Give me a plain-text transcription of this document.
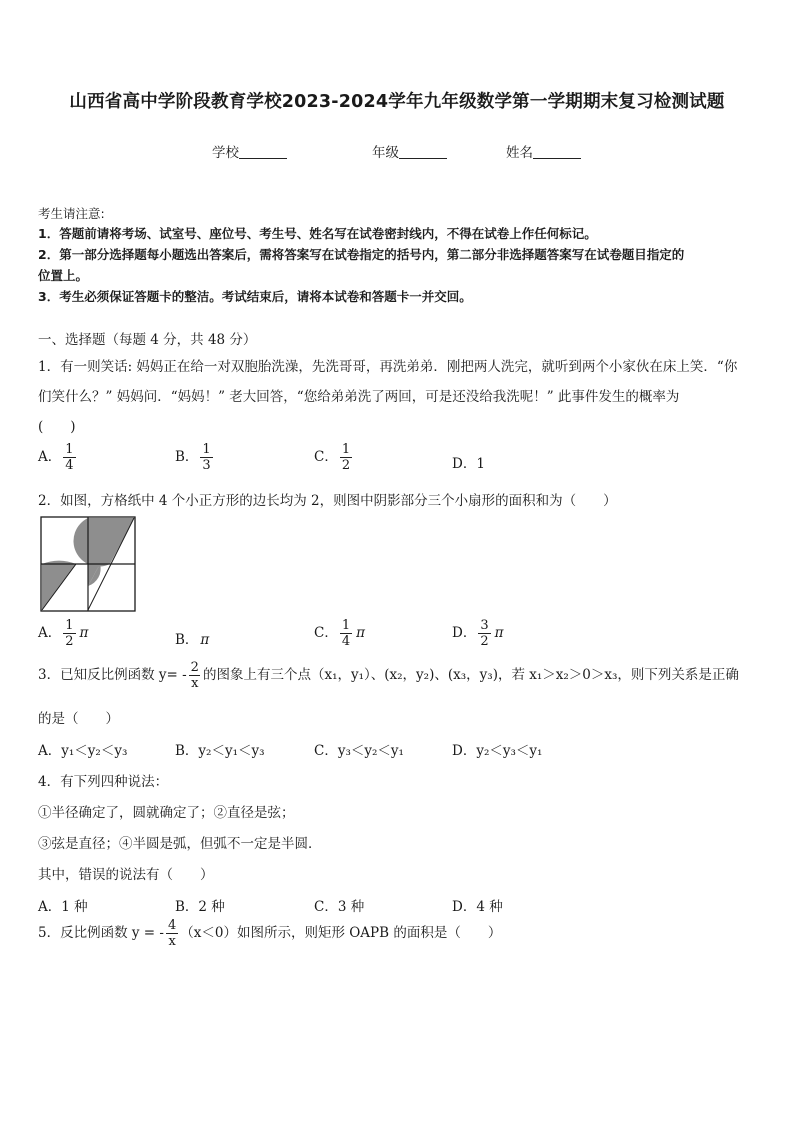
山西省高中学阶段教育学校2023-2024学年九年级数学第一学期期末复习检测试题
学校	年级	姓名
考生请注意:
1．答题前请将考场、试室号、座位号、考生号、姓名写在试卷密封线内，不得在试卷上作任何标记。
2．第一部分选择题每小题选出答案后，需将答案写在试卷指定的括号内，第二部分非选择题答案写在试卷题目指定的
位置上。
3．考生必须保证答题卡的整洁。考试结束后，请将本试卷和答题卡一并交回。
一、选择题（每题 4 分，共 48 分）
1．有一则笑话: 妈妈正在给一对双胞胎洗澡，先洗哥哥，再洗弟弟．刚把两人洗完，就听到两个小家伙在床上笑．“你
们笑什么？” 妈妈问．“妈妈！” 老大回答，“您给弟弟洗了两回，可是还没给我洗呢！” 此事件发生的概率为
(　　)
A． $\frac{1}{4}$	B． $\frac{1}{3}$	C． $\frac{1}{2}$	D．1
2．如图，方格纸中 4 个小正方形的边长均为 2，则图中阴影部分三个小扇形的面积和为（　　）
A． $\frac{1}{2}$ π	B． π	C． $\frac{1}{4}$ π	D． $\frac{3}{2}$ π
3．已知反比例函数 $y= - \frac{2}{x}$ 的图象上有三个点（x₁，y₁）、(x₂，y₂)、(x₃，y₃)，若 x₁＞x₂＞0＞x₃，则下列关系是正确
的是（　　）
A．y₁＜y₂＜y₃	B．y₂＜y₁＜y₃	C．y₃＜y₂＜y₁	D．y₂＜y₃＜y₁
4．有下列四种说法：
①半径确定了，圆就确定了；②直径是弦；
③弦是直径；④半圆是弧，但弧不一定是半圆．
其中，错误的说法有（　　）
A．1 种	B．2 种	C．3 种	D．4 种
5．反比例函数 y = - $\frac{4}{x} (x<0)$如图所示，则矩形 OAPB 的面积是（　　）
